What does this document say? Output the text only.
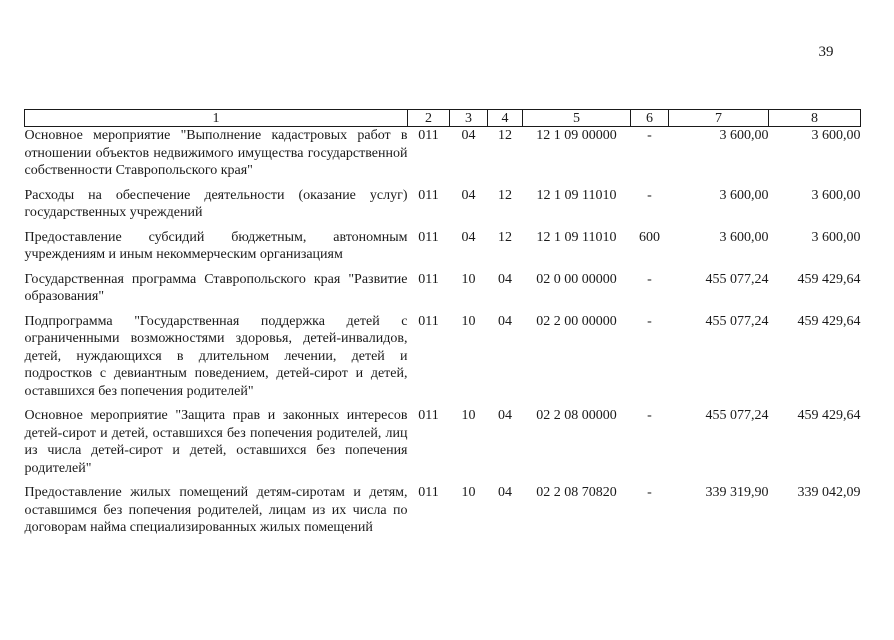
39
1	2	3	4	5	6	7	8
Основное мероприятие "Выполнение кадастровых работ в отношении объектов недвижимого имущества государственной собственности Ставропольского края"	011	04	12	12 1 09 00000	-	3 600,00	3 600,00
Расходы на обеспечение деятельности (оказание услуг) государственных учреждений	011	04	12	12 1 09 11010	-	3 600,00	3 600,00
Предоставление субсидий бюджетным, автономным учреждениям и иным некоммерческим организациям	011	04	12	12 1 09 11010	600	3 600,00	3 600,00
Государственная программа Ставропольского края "Развитие образования"	011	10	04	02 0 00 00000	-	455 077,24	459 429,64
Подпрограмма "Государственная поддержка детей с ограниченными возможностями здоровья, детей-инвалидов, детей, нуждающихся в длительном лечении, детей и подростков с девиантным поведением, детей-сирот и детей, оставшихся без попечения родителей"	011	10	04	02 2 00 00000	-	455 077,24	459 429,64
Основное мероприятие "Защита прав и законных интересов детей-сирот и детей, оставшихся без попечения родителей, лиц из числа детей-сирот и детей, оставшихся без попечения родителей"	011	10	04	02 2 08 00000	-	455 077,24	459 429,64
Предоставление жилых помещений детям-сиротам и детям, оставшимся без попечения родителей, лицам из их числа по договорам найма специализированных жилых помещений	011	10	04	02 2 08 70820	-	339 319,90	339 042,09
